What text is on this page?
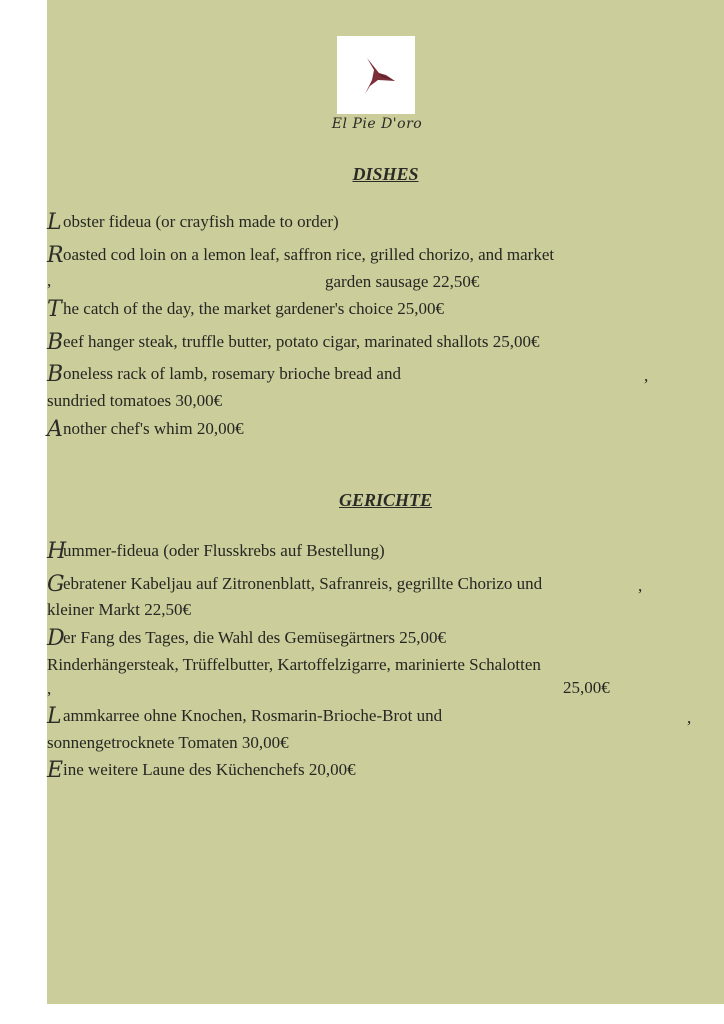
El Pie D'oro
DISHES
Lobster fideua (or crayfish made to order)
Roasted cod loin on a lemon leaf, saffron rice, grilled chorizo, and market
,	garden sausage 22,50€
The catch of the day, the market gardener's choice 25,00€
Beef hanger steak, truffle butter, potato cigar, marinated shallots 25,00€
Boneless rack of lamb, rosemary brioche bread and	,
sundried tomatoes 30,00€
Another chef's whim 20,00€
GERICHTE
Hummer-fideua (oder Flusskrebs auf Bestellung)
Gebratener Kabeljau auf Zitronenblatt, Safranreis, gegrillte Chorizo und	,
kleiner Markt 22,50€
Der Fang des Tages, die Wahl des Gemüsegärtners 25,00€
Rinderhängersteak, Trüffelbutter, Kartoffelzigarre, marinierte Schalotten
,	25,00€
Lammkarree ohne Knochen, Rosmarin-Brioche-Brot und	,
sonnengetrocknete Tomaten 30,00€
Eine weitere Laune des Küchenchefs 20,00€
